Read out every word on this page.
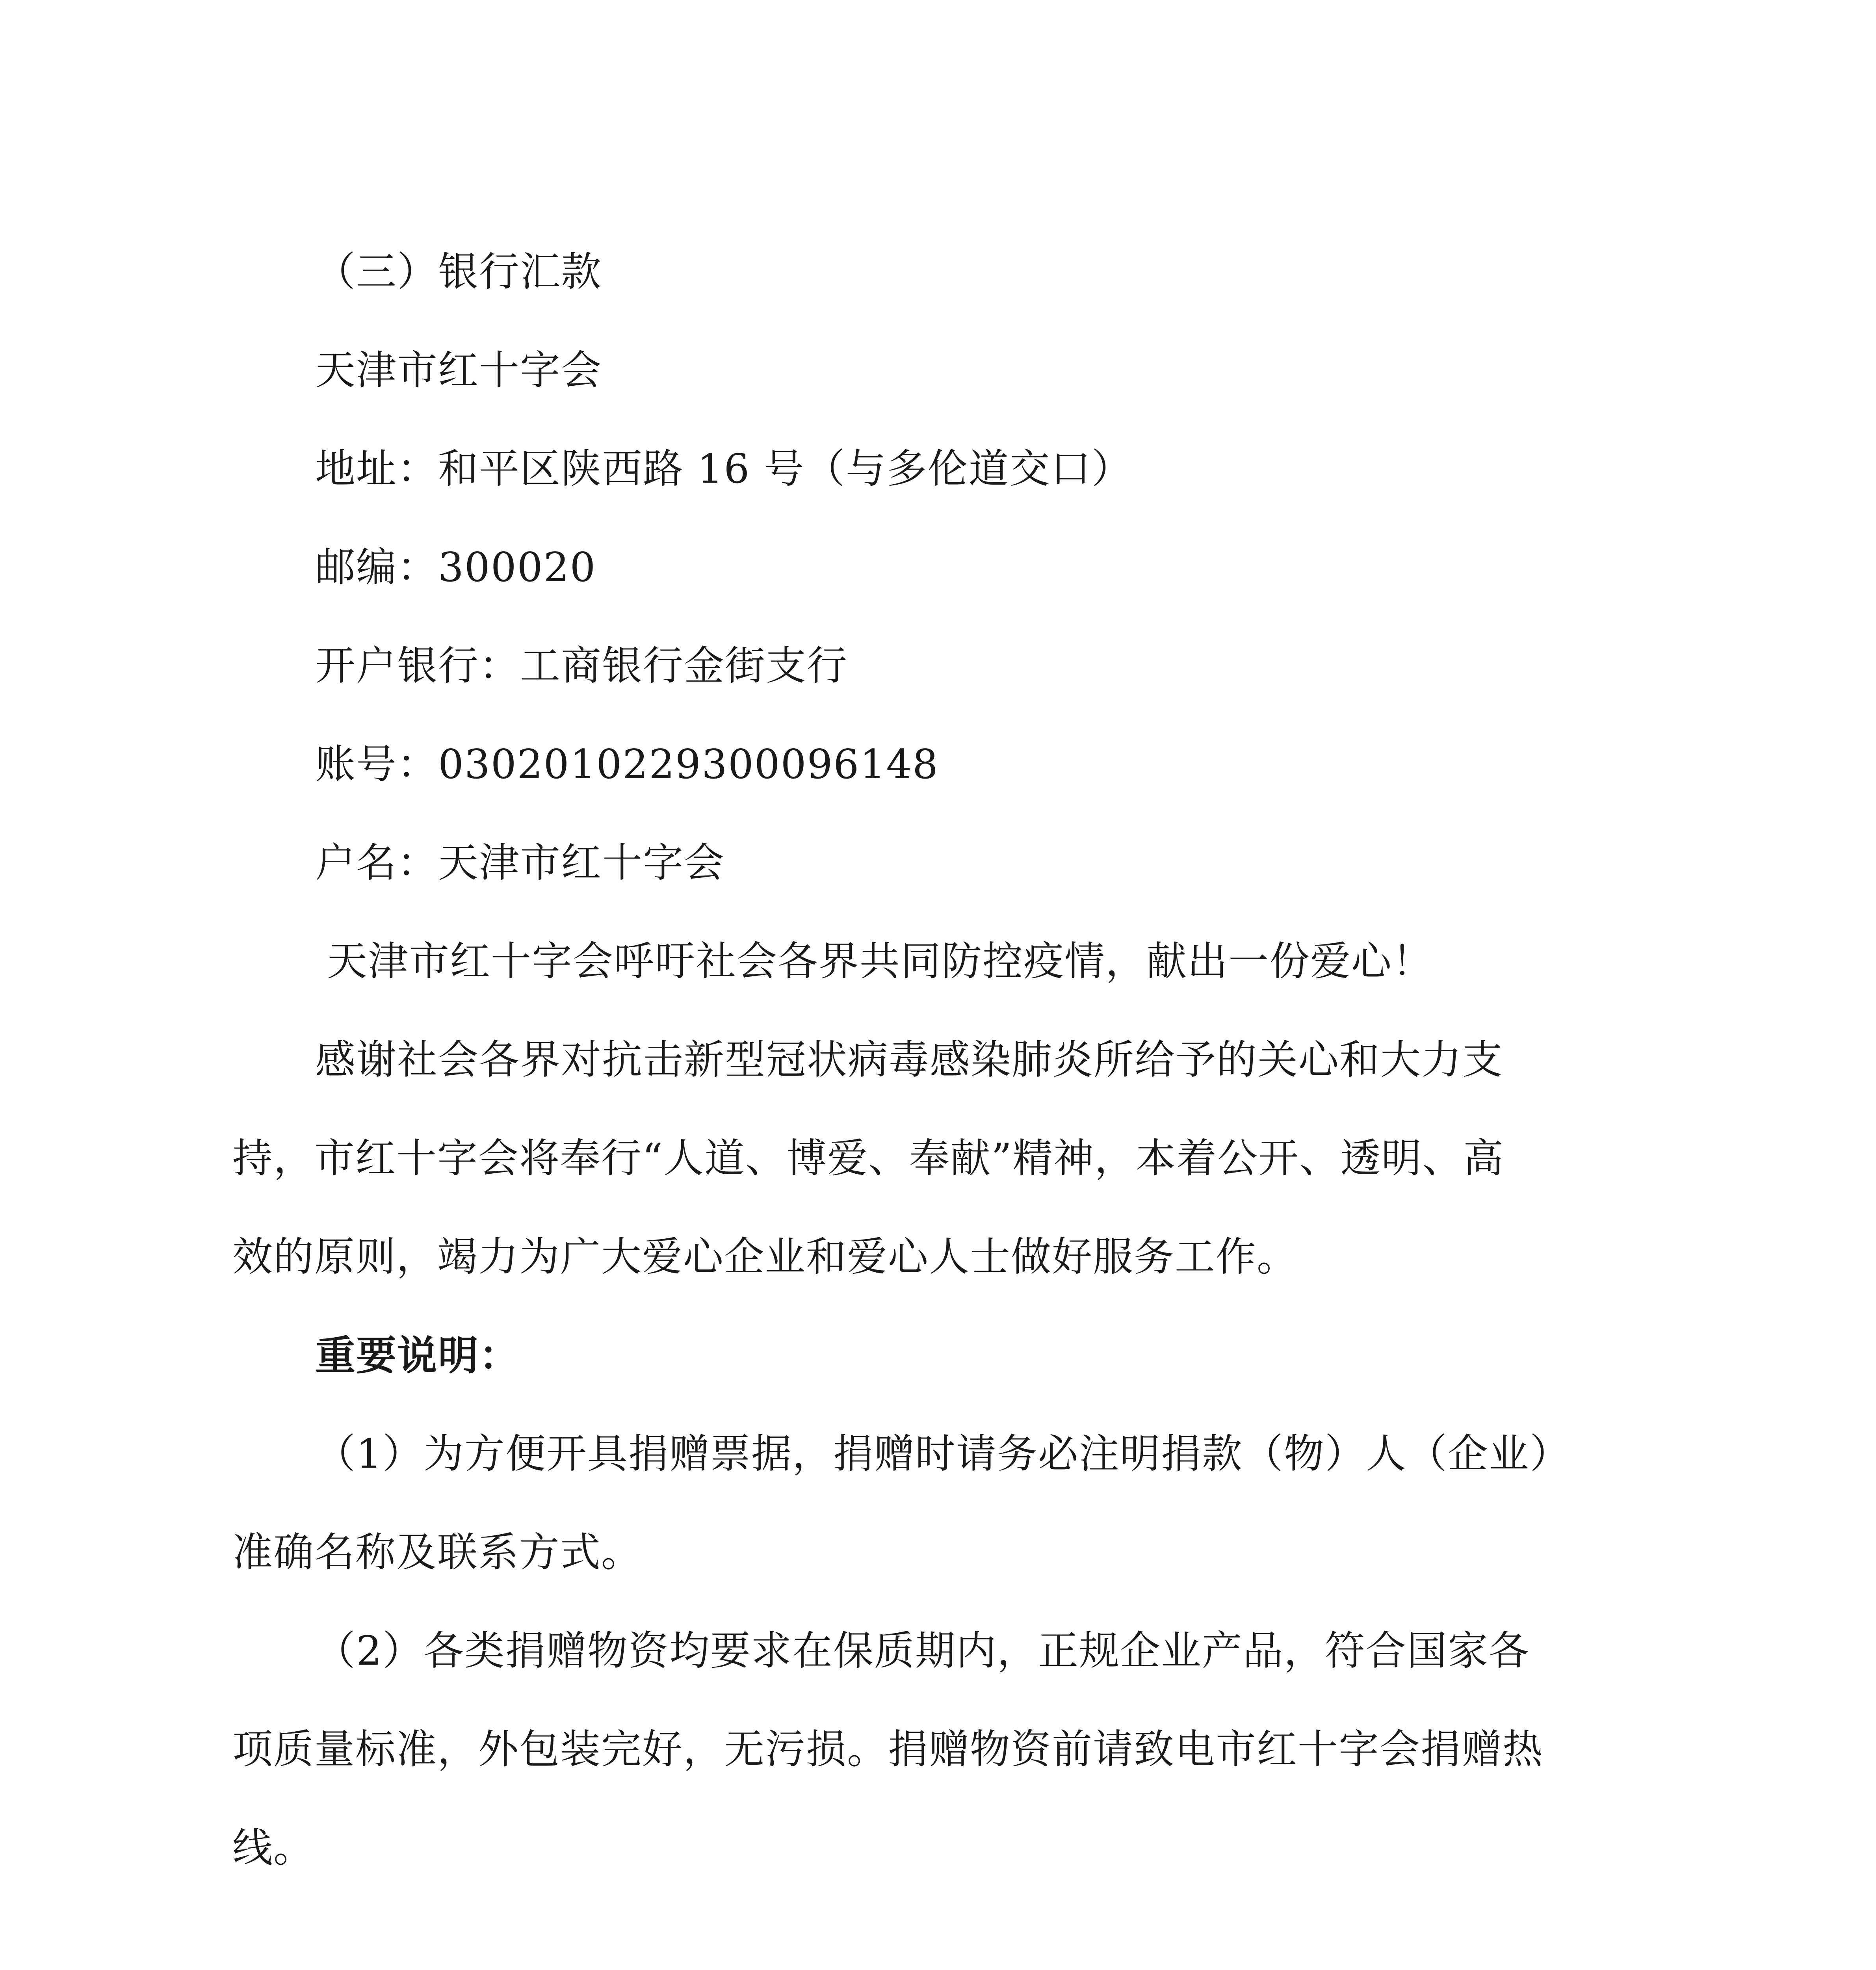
（三）银行汇款

天津市红十字会

地址：和平区陕西路 16 号（与多伦道交口）

邮编：300020

开户银行：工商银行金街支行

账号：0302010229300096148

户名：天津市红十字会

天津市红十字会呼吁社会各界共同防控疫情，献出一份爱心！

感谢社会各界对抗击新型冠状病毒感染肺炎所给予的关心和大力支

持，市红十字会将奉行“人道、博爱、奉献”精神，本着公开、透明、高

效的原则，竭力为广大爱心企业和爱心人士做好服务工作。

重要说明：

（1）为方便开具捐赠票据，捐赠时请务必注明捐款（物）人（企业）

准确名称及联系方式。

（2）各类捐赠物资均要求在保质期内，正规企业产品，符合国家各

项质量标准，外包装完好，无污损。捐赠物资前请致电市红十字会捐赠热

线。
